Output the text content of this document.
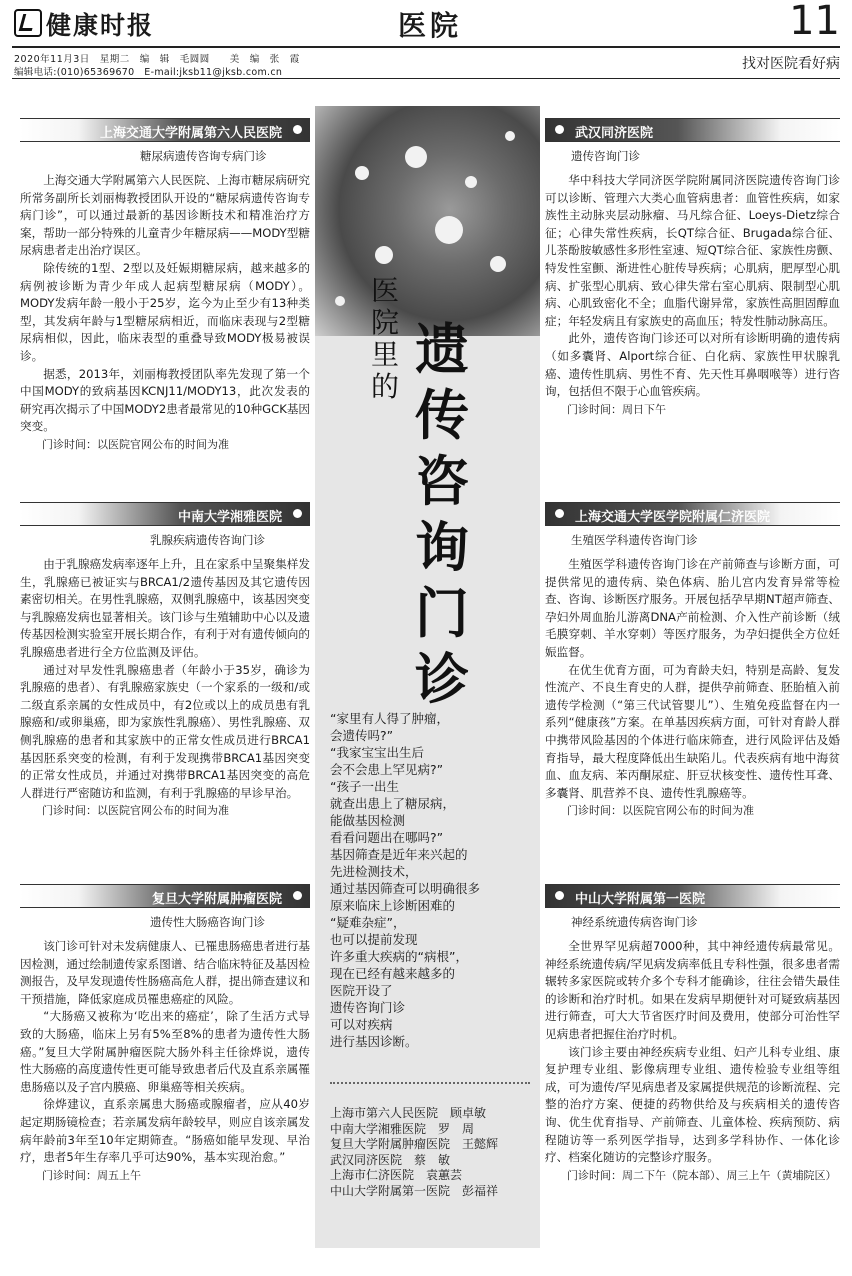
健康时报	医院	11
2020年11月3日　星期二　编　辑　毛圆圆　　美　编　张　霞
编辑电话:(010)65369670　E-mail:jksb11@jksb.com.cn
找对医院看好病
医院里的
遗传咨询门诊
“家里有人得了肿瘤，
会遗传吗?”
“我家宝宝出生后
会不会患上罕见病?”
“孩子一出生
就查出患上了糖尿病，
能做基因检测
看看问题出在哪吗?”
基因筛查是近年来兴起的
先进检测技术，
通过基因筛查可以明确很多
原来临床上诊断困难的
“疑难杂症”，
也可以提前发现
许多重大疾病的“病根”，
现在已经有越来越多的
医院开设了
遗传咨询门诊
可以对疾病
进行基因诊断。
上海市第六人民医院　顾卓敏
中南大学湘雅医院　罗　周
复旦大学附属肿瘤医院　王懿辉
武汉同济医院　蔡　敏
上海市仁济医院　袁蕙芸
中山大学附属第一医院　彭福祥
上海交通大学附属第六人民医院
糖尿病遗传咨询专病门诊

上海交通大学附属第六人民医院、上海市糖尿病研究所常务副所长刘丽梅教授团队开设的“糖尿病遗传咨询专病门诊”，可以通过最新的基因诊断技术和精准治疗方案，帮助一部分特殊的儿童青少年糖尿病——MODY型糖尿病患者走出治疗误区。

除传统的1型、2型以及妊娠期糖尿病，越来越多的病例被诊断为青少年成人起病型糖尿病（MODY）。MODY发病年龄一般小于25岁，迄今为止至少有13种类型，其发病年龄与1型糖尿病相近，而临床表现与2型糖尿病相似，因此，临床表型的重叠导致MODY极易被误诊。

据悉，2013年，刘丽梅教授团队率先发现了第一个中国MODY的致病基因KCNJ11/MODY13，此次发表的研究再次揭示了中国MODY2患者最常见的10种GCK基因突变。

门诊时间：以医院官网公布的时间为准

中南大学湘雅医院
乳腺疾病遗传咨询门诊

由于乳腺癌发病率逐年上升，且在家系中呈聚集样发生，乳腺癌已被证实与BRCA1/2遗传基因及其它遗传因素密切相关。在男性乳腺癌，双侧乳腺癌中，该基因突变与乳腺癌发病也显著相关。该门诊与生殖辅助中心以及遗传基因检测实验室开展长期合作，有利于对有遗传倾向的乳腺癌患者进行全方位监测及评估。

通过对早发性乳腺癌患者（年龄小于35岁，确诊为乳腺癌的患者）、有乳腺癌家族史（一个家系的一级和/或二级直系亲属的女性成员中，有2位或以上的成员患有乳腺癌和/或卵巢癌，即为家族性乳腺癌）、男性乳腺癌、双侧乳腺癌的患者和其家族中的正常女性成员进行BRCA1基因胚系突变的检测，有利于发现携带BRCA1基因突变的正常女性成员，并通过对携带BRCA1基因突变的高危人群进行严密随访和监测，有利于乳腺癌的早诊早治。

门诊时间：以医院官网公布的时间为准

复旦大学附属肿瘤医院
遗传性大肠癌咨询门诊

该门诊可针对未发病健康人、已罹患肠癌患者进行基因检测，通过绘制遗传家系图谱、结合临床特征及基因检测报告，及早发现遗传性肠癌高危人群，提出筛查建议和干预措施，降低家庭成员罹患癌症的风险。

“大肠癌又被称为‘吃出来的癌症’，除了生活方式导致的大肠癌，临床上另有5%至8%的患者为遗传性大肠癌。”复旦大学附属肿瘤医院大肠外科主任徐烨说，遗传性大肠癌的高度遗传性更可能导致患者后代及直系亲属罹患肠癌以及子宫内膜癌、卵巢癌等相关疾病。

徐烨建议，直系亲属患大肠癌或腺瘤者，应从40岁起定期肠镜检查；若亲属发病年龄较早，则应自该亲属发病年龄前3年至10年定期筛查。“肠癌如能早发现、早治疗，患者5年生存率几乎可达90%，基本实现治愈。”

门诊时间：周五上午

武汉同济医院
遗传咨询门诊

华中科技大学同济医学院附属同济医院遗传咨询门诊可以诊断、管理六大类心血管病患者：血管性疾病，如家族性主动脉夹层动脉瘤、马凡综合征、Loeys-Dietz综合征；心律失常性疾病，长QT综合征、Brugada综合征、儿茶酚胺敏感性多形性室速、短QT综合征、家族性房颤、特发性室颤、渐进性心脏传导疾病；心肌病，肥厚型心肌病、扩张型心肌病、致心律失常右室心肌病、限制型心肌病、心肌致密化不全；血脂代谢异常，家族性高胆固醇血症；年轻发病且有家族史的高血压；特发性肺动脉高压。

此外，遗传咨询门诊还可以对所有诊断明确的遗传病（如多囊肾、Alport综合征、白化病、家族性甲状腺乳癌、遗传性肌病、男性不育、先天性耳鼻咽喉等）进行咨询，包括但不限于心血管疾病。

门诊时间：周日下午

上海交通大学医学院附属仁济医院
生殖医学科遗传咨询门诊

生殖医学科遗传咨询门诊在产前筛查与诊断方面，可提供常见的遗传病、染色体病、胎儿宫内发育异常等检查、咨询、诊断医疗服务。开展包括孕早期NT超声筛查、孕妇外周血胎儿游离DNA产前检测、介入性产前诊断（绒毛膜穿刺、羊水穿刺）等医疗服务，为孕妇提供全方位妊娠监督。

在优生优育方面，可为育龄夫妇，特别是高龄、复发性流产、不良生育史的人群，提供孕前筛查、胚胎植入前遗传学检测（“第三代试管婴儿”）、生殖免疫监督在内一系列“健康孩”方案。在单基因疾病方面，可针对育龄人群中携带风险基因的个体进行临床筛查，进行风险评估及婚育指导，最大程度降低出生缺陷儿。代表疾病有地中海贫血、血友病、苯丙酮尿症、肝豆状核变性、遗传性耳聋、多囊肾、肌营养不良、遗传性乳腺癌等。

门诊时间：以医院官网公布的时间为准

中山大学附属第一医院
神经系统遗传病咨询门诊

全世界罕见病超7000种，其中神经遗传病最常见。神经系统遗传病/罕见病发病率低且专科性强，很多患者需辗转多家医院或转介多个专科才能确诊，往往会错失最佳的诊断和治疗时机。如果在发病早期便针对可疑致病基因进行筛查，可大大节省医疗时间及费用，使部分可治性罕见病患者把握住治疗时机。

该门诊主要由神经疾病专业组、妇产儿科专业组、康复护理专业组、影像病理专业组、遗传检验专业组等组成，可为遗传/罕见病患者及家属提供规范的诊断流程、完整的治疗方案、便捷的药物供给及与疾病相关的遗传咨询、优生优育指导、产前筛查、儿童体检、疾病预防、病程随访等一系列医学指导，达到多学科协作、一体化诊疗、档案化随访的完整诊疗服务。

门诊时间：周二下午（院本部）、周三上午（黄埔院区）
